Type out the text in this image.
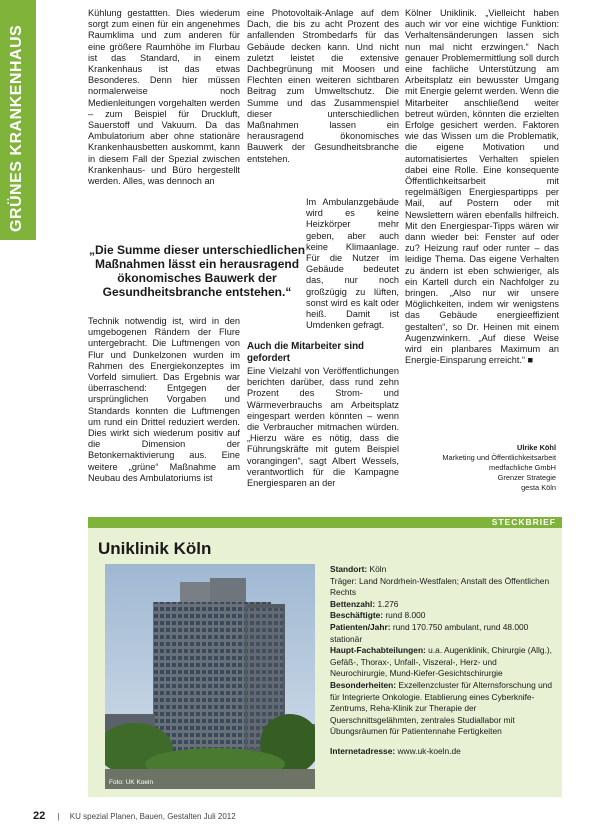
GRÜNES KRANKENHAUS

Kühlung gestattten. Dies wiederum sorgt zum einen für ein angenehmes Raumklima und zum anderen für eine größere Raumhöhe im Flurbau ist das Standard, in einem Krankenhaus ist das etwas Besonderes. Denn hier müssen normalerweise noch Medienleitungen vorgehalten werden – zum Beispiel für Druckluft, Sauerstoff und Vakuum. Da das Ambulatorium aber ohne stationäre Krankenhausbetten auskommt, kann in diesem Fall der Spezial zwischen Krankenhaus- und Büro hergestellt werden. Alles, was dennoch an

„Die Summe dieser unterschiedlichen Maßnahmen lässt ein herausragend ökonomisches Bauwerk der Gesundheitsbranche entstehen.“

Technik notwendig ist, wird in den umgebogenen Rändern der Flure untergebracht. Die Luftmengen von Flur und Dunkelzonen wurden im Rahmen des Energiekonzeptes im Vorfeld simuliert. Das Ergebnis war überraschend: Entgegen der ursprünglichen Vorgaben und Standards konnten die Luftmengen um rund ein Drittel reduziert werden. Dies wirkt sich wiederum positiv auf die Dimension der Betonkernaktivierung aus. Eine weitere „grüne“ Maßnahme am Neubau des Ambulatoriums ist

eine Photovoltaik-Anlage auf dem Dach, die bis zu acht Prozent des anfallenden Strombedarfs für das Gebäude decken kann. Und nicht zuletzt leistet die extensive Dachbegrünung mit Moosen und Flechten einen weiteren sichtbaren Beitrag zum Umweltschutz. Die Summe und das Zusammenspiel dieser unterschiedlichen Maßnahmen lassen ein herausragend ökonomisches Bauwerk der Gesundheitsbranche entstehen.

Im Ambulanzgebäude wird es keine Heizkörper mehr geben, aber auch keine Klimaanlage. Für die Nutzer im Gebäude bedeutet das, nur noch großzügig zu lüften, sonst wird es kalt oder heiß. Damit ist Umdenken gefragt.

Auch die Mitarbeiter sind gefordert

Eine Vielzahl von Veröffentlichungen berichten darüber, dass rund zehn Prozent des Strom- und Wärmeverbrauchs am Arbeitsplatz eingespart werden könnten – wenn die Verbraucher mitmachen würden. „Hierzu wäre es nötig, dass die Führungskräfte mit gutem Beispiel vorangingen“, sagt Albert Wessels, verantwortlich für die Kampagne Energiesparen an der

Kölner Uniklinik. „Vielleicht haben auch wir vor eine wichtige Funktion: Verhaltensänderungen lassen sich nun mal nicht erzwingen.“ Nach genauer Problemermittlung soll durch eine fachliche Unterstützung am Arbeitsplatz ein bewusster Umgang mit Energie gelernt werden. Wenn die Mitarbeiter anschließend weiter betreut würden, könnten die erzielten Erfolge gesichert werden. Faktoren wie das Wissen um die Problematik, die eigene Motivation und automatisiertes Verhalten spielen dabei eine Rolle. Eine konsequente Öffentlichkeitsarbeit mit regelmäßigen Energiespartipps per Mail, auf Postern oder mit Newslettern wären ebenfalls hilfreich. Mit den Energiespar-Tipps wären wir dann wieder bei: Fenster auf oder zu? Heizung rauf oder runter – das leidige Thema. Das eigene Verhalten zu ändern ist eben schwieriger, als ein Kartell durch ein Nachfolger zu bringen. „Also nur wir unsere Möglichkeiten, indem wir wenigstens das Gebäude energieeffizient gestalten“, so Dr. Heinen mit einem Augenzwinkern. „Auf diese Weise wird ein planbares Maximum an Energie-Einsparung erreicht.“ ■

Ulrike Köhl
Marketing und Öffentlichkeitsarbeit
medfachliche GmbH
Grenzer Strategie
gesta Köln
STECKBRIEF
Uniklinik Köln
Foto: UK Koeln

Standort: Köln

Träger: Land Nordrhein-Westfalen; Anstalt des Öffentlichen Rechts

Bettenzahl: 1.276

Beschäftigte: rund 8.000

Patienten/Jahr: rund 170.750 ambulant, rund 48.000 stationär

Haupt-Fachabteilungen: u.a. Augenklinik, Chirurgie (Allg.), Gefäß-, Thorax-, Unfall-, Viszeral-, Herz- und Neurochirurgie, Mund-Kiefer-Gesichtschirurgie

Besonderheiten: Exzellenzcluster für Alternsforschung und für Integrierte Onkologie. Etablierung eines Cyberknife-Zentrums, Reha-Klinik zur Therapie der Querschnittsgelähmten, zentrales Studiallabor mit Übungsräumen für Patientennahe Fertigkeiten

Internetadresse: www.uk-koeln.de

22 | KU spezial Planen, Bauen, Gestalten Juli 2012
